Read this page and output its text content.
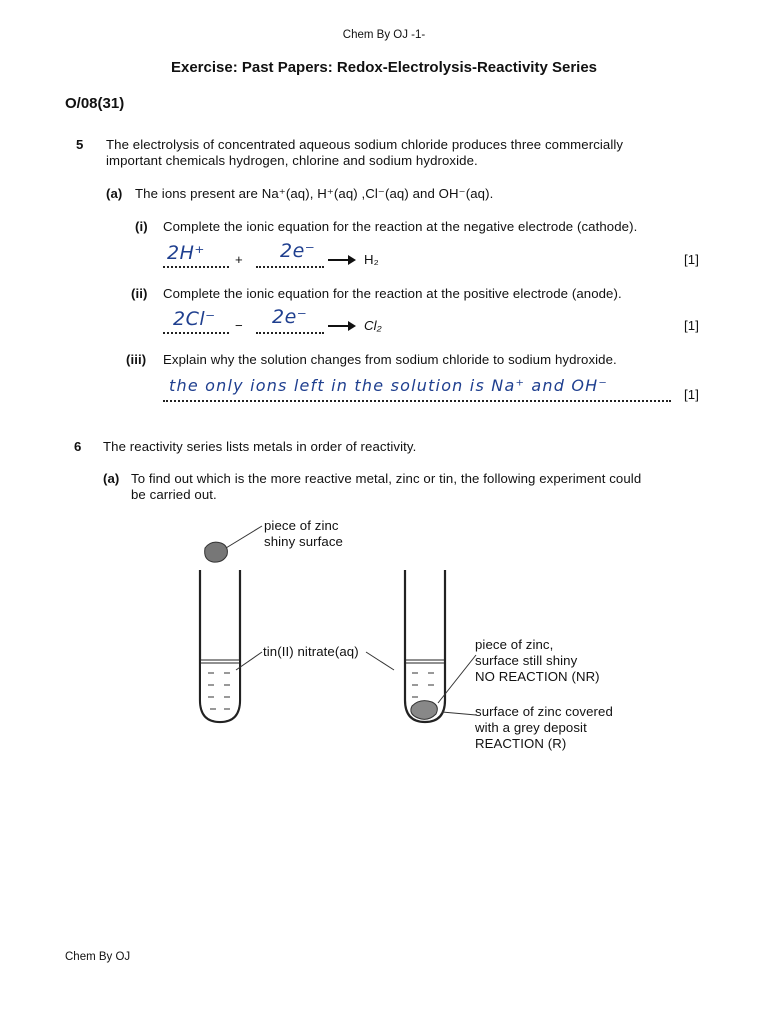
Chem By OJ -1-
Exercise: Past Papers: Redox-Electrolysis-Reactivity Series
O/08(31)
5 The electrolysis of concentrated aqueous sodium chloride produces three commercially
important chemicals hydrogen, chlorine and sodium hydroxide.
(a) The ions present are Na⁺(aq), H⁺(aq) ,Cl⁻(aq) and OH⁻(aq).
(i) Complete the ionic equation for the reaction at the negative electrode (cathode).
2H⁺ + 2e⁻	H₂	[1]
(ii) Complete the ionic equation for the reaction at the positive electrode (anode).
2Cl⁻ − 2e⁻	Cl₂	[1]
(iii) Explain why the solution changes from sodium chloride to sodium hydroxide.
the only ions left in the solution is Na⁺ and OH⁻	[1]
6 The reactivity series lists metals in order of reactivity.
(a) To find out which is the more reactive metal, zinc or tin, the following experiment could
be carried out.
piece of zinc
shiny surface
tin(II) nitrate(aq)	piece of zinc,
surface still shiny
NO REACTION (NR)
surface of zinc covered
with a grey deposit
REACTION (R)
Chem By OJ
